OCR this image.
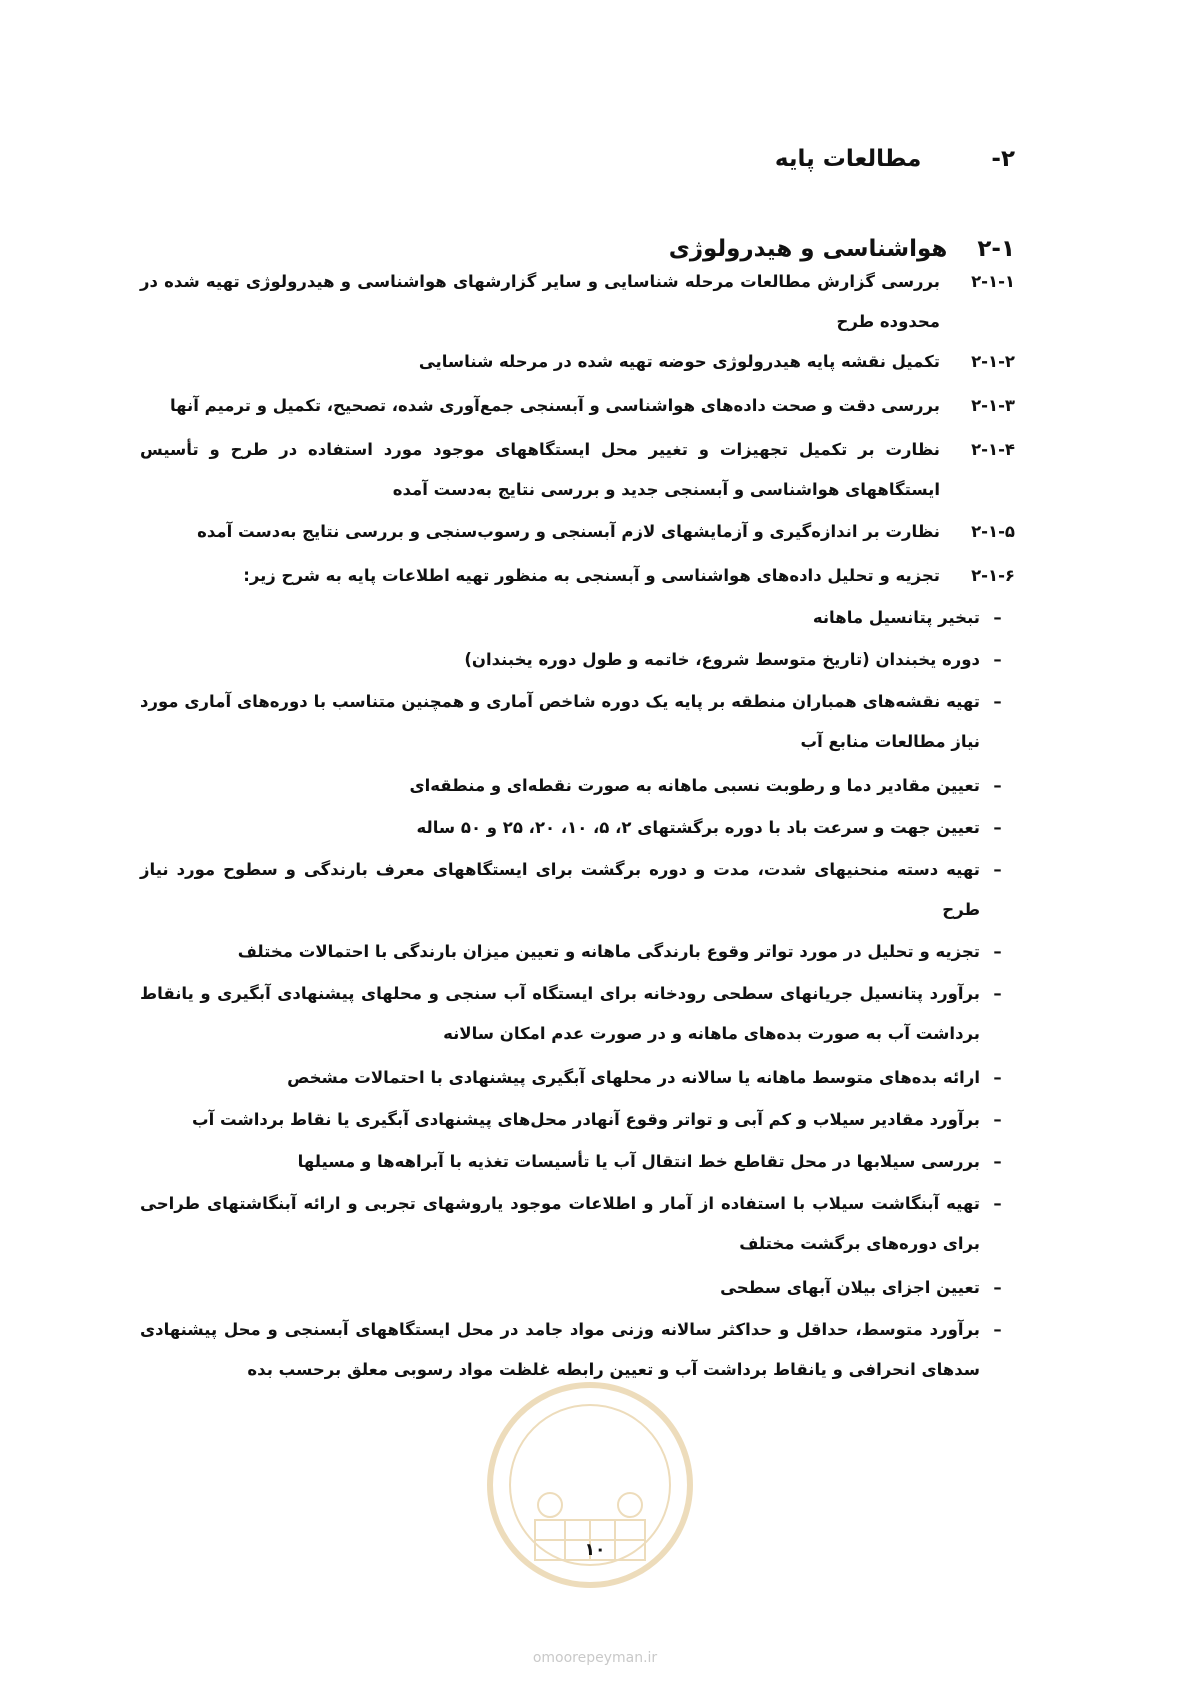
۲-
مطالعات پایه
۲-۱
هواشناسی و هیدرولوژی
۲-۱-۱
بررسی گزارش مطالعات مرحله شناسایی و سایر گزارشهای هواشناسی و هیدرولوژی تهیه شده در محدوده طرح
۲-۱-۲
تکمیل نقشه پایه هیدرولوژی حوضه تهیه شده در مرحله شناسایی
۲-۱-۳
بررسی دقت و صحت داده‌های هواشناسی و آبسنجی جمع‌آوری شده، تصحیح، تکمیل و ترمیم آنها
۲-۱-۴
نظارت بر تکمیل تجهیزات و تغییر محل ایستگاههای موجود مورد استفاده در طرح و تأسیس ایستگاههای هواشناسی و آبسنجی جدید و بررسی نتایج به‌دست آمده
۲-۱-۵
نظارت بر اندازه‌گیری و آزمایشهای لازم آبسنجی و رسوب‌سنجی و بررسی نتایج به‌دست آمده
۲-۱-۶
تجزیه و تحلیل داده‌های هواشناسی و آبسنجی به منظور تهیه اطلاعات پایه به شرح زیر:
–
تبخیر پتانسیل ماهانه
–
دوره یخبندان (تاریخ متوسط شروع، خاتمه و طول دوره یخبندان)
–
تهیه نقشه‌های همباران منطقه بر پایه یک دوره شاخص آماری و همچنین متناسب با دوره‌های آماری مورد نیاز مطالعات منابع آب
–
تعیین مقادیر دما و رطوبت نسبی ماهانه به صورت نقطه‌ای و منطقه‌ای
–
تعیین جهت و سرعت باد با دوره برگشتهای ۲، ۵، ۱۰، ۲۰، ۲۵ و ۵۰ ساله
–
تهیه دسته منحنیهای شدت، مدت و دوره برگشت برای ایستگاههای معرف بارندگی و سطوح مورد نیاز طرح
–
تجزیه و تحلیل در مورد تواتر وقوع بارندگی ماهانه و تعیین میزان بارندگی با احتمالات مختلف
–
برآورد پتانسیل جریانهای سطحی رودخانه برای ایستگاه آب سنجی و محلهای پیشنهادی آبگیری و یانقاط برداشت آب به صورت بده‌های ماهانه و در صورت عدم امکان سالانه
–
ارائه بده‌های متوسط ماهانه یا سالانه در محلهای آبگیری پیشنهادی با احتمالات مشخص
–
برآورد مقادیر سیلاب و کم آبی و تواتر وقوع آنهادر محل‌های پیشنهادی آبگیری یا نقاط برداشت آب
–
بررسی سیلابها در محل تقاطع خط انتقال آب یا تأسیسات تغذیه با آبراهه‌ها و مسیلها
–
تهیه آبنگاشت سیلاب با استفاده از آمار و اطلاعات موجود یاروشهای تجربی و ارائه آبنگاشتهای طراحی برای دوره‌های برگشت مختلف
–
تعیین اجزای بیلان آبهای سطحی
–
برآورد متوسط، حداقل و حداکثر سالانه وزنی مواد جامد در محل ایستگاههای آبسنجی و محل پیشنهادی سدهای انحرافی و یانقاط برداشت آب و تعیین رابطه غلظت مواد رسوبی معلق برحسب بده
۱۰
omoorepeyman.ir
